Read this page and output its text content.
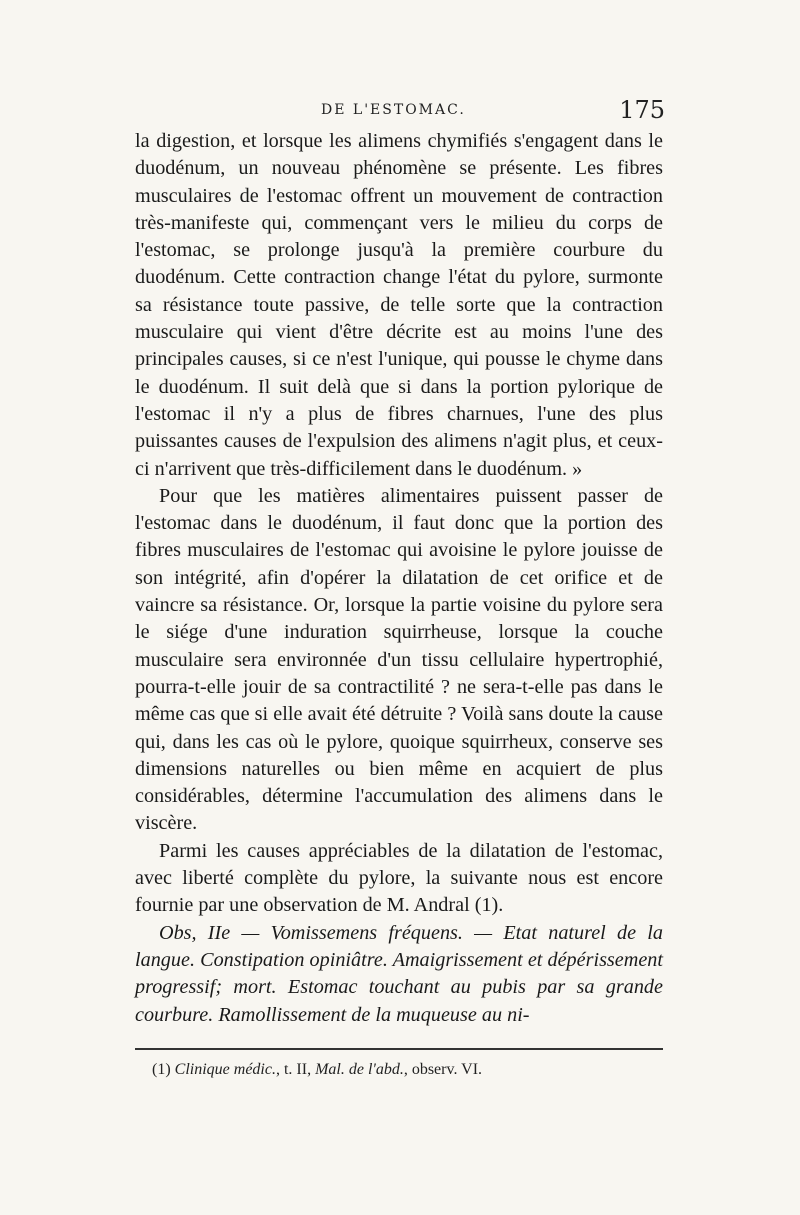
DE L'ESTOMAC.	175

la digestion, et lorsque les alimens chymifiés s'engagent dans le duodénum, un nouveau phénomène se présente. Les fibres musculaires de l'estomac offrent un mouvement de contraction très-manifeste qui, commençant vers le milieu du corps de l'estomac, se prolonge jusqu'à la première courbure du duodénum. Cette contraction change l'état du pylore, surmonte sa résistance toute passive, de telle sorte que la contraction musculaire qui vient d'être décrite est au moins l'une des principales causes, si ce n'est l'unique, qui pousse le chyme dans le duodénum. Il suit delà que si dans la portion pylorique de l'estomac il n'y a plus de fibres charnues, l'une des plus puissantes causes de l'expulsion des alimens n'agit plus, et ceux-ci n'arrivent que très-difficilement dans le duodénum. »

Pour que les matières alimentaires puissent passer de l'estomac dans le duodénum, il faut donc que la portion des fibres musculaires de l'estomac qui avoisine le pylore jouisse de son intégrité, afin d'opérer la dilatation de cet orifice et de vaincre sa résistance. Or, lorsque la partie voisine du pylore sera le siége d'une induration squirrheuse, lorsque la couche musculaire sera environnée d'un tissu cellulaire hypertrophié, pourra-t-elle jouir de sa contractilité ? ne sera-t-elle pas dans le même cas que si elle avait été détruite ? Voilà sans doute la cause qui, dans les cas où le pylore, quoique squirrheux, conserve ses dimensions naturelles ou bien même en acquiert de plus considérables, détermine l'accumulation des alimens dans le viscère.

Parmi les causes appréciables de la dilatation de l'estomac, avec liberté complète du pylore, la suivante nous est encore fournie par une observation de M. Andral (1).

Obs, IIe — Vomissemens fréquens. — Etat naturel de la langue. Constipation opiniâtre. Amaigrissement et dépérissement progressif; mort. Estomac touchant au pubis par sa grande courbure. Ramollissement de la muqueuse au ni-

(1) Clinique médic., t. II, Mal. de l'abd., observ. VI.
